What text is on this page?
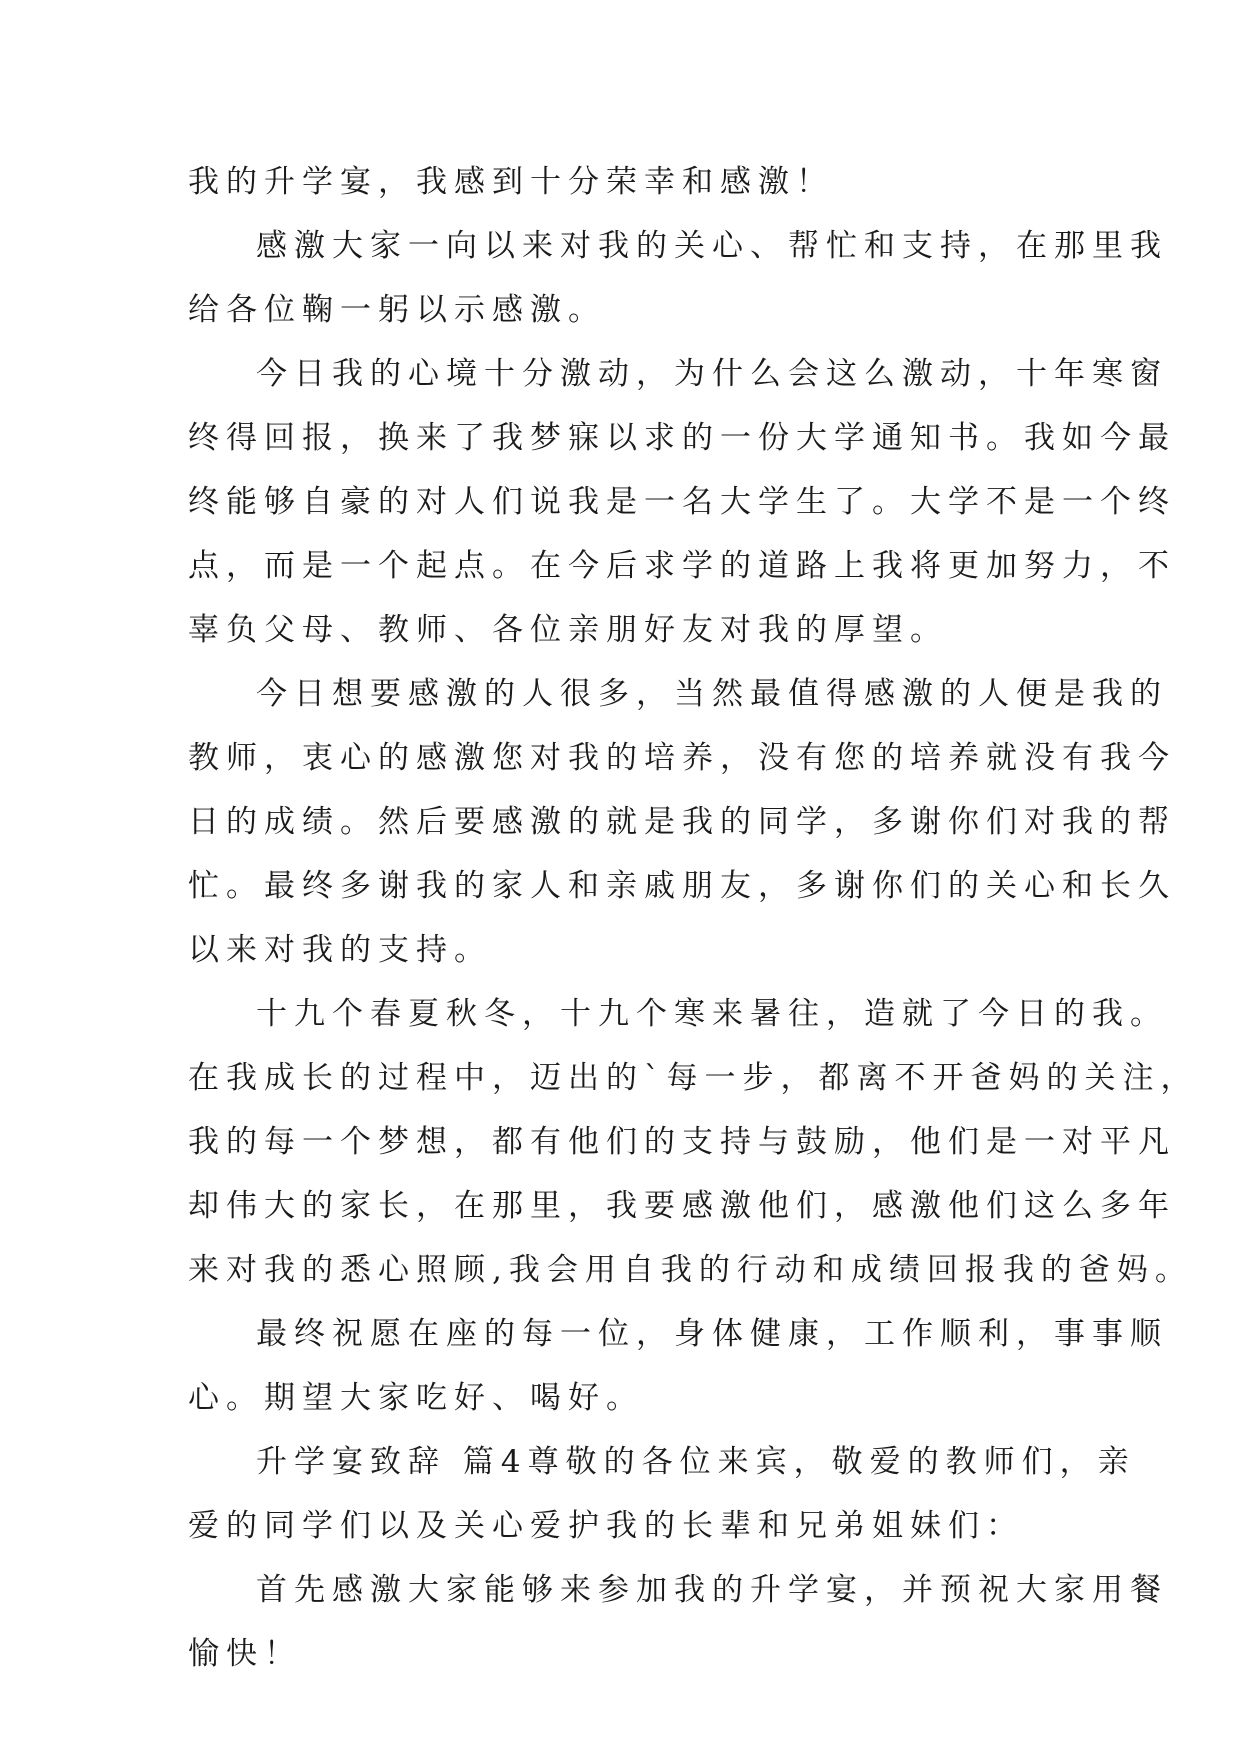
我的升学宴，我感到十分荣幸和感激！
感激大家一向以来对我的关心、帮忙和支持，在那里我
给各位鞠一躬以示感激。
今日我的心境十分激动，为什么会这么激动，十年寒窗
终得回报，换来了我梦寐以求的一份大学通知书。我如今最
终能够自豪的对人们说我是一名大学生了。大学不是一个终
点，而是一个起点。在今后求学的道路上我将更加努力，不
辜负父母、教师、各位亲朋好友对我的厚望。
今日想要感激的人很多，当然最值得感激的人便是我的
教师，衷心的感激您对我的培养，没有您的培养就没有我今
日的成绩。然后要感激的就是我的同学，多谢你们对我的帮
忙。最终多谢我的家人和亲戚朋友，多谢你们的关心和长久
以来对我的支持。
十九个春夏秋冬，十九个寒来暑往，造就了今日的我。
在我成长的过程中，迈出的`每一步，都离不开爸妈的关注，
我的每一个梦想，都有他们的支持与鼓励，他们是一对平凡
却伟大的家长，在那里，我要感激他们，感激他们这么多年
来对我的悉心照顾,我会用自我的行动和成绩回报我的爸妈。
最终祝愿在座的每一位，身体健康，工作顺利，事事顺
心。期望大家吃好、喝好。
升学宴致辞 篇4尊敬的各位来宾，敬爱的教师们，亲
爱的同学们以及关心爱护我的长辈和兄弟姐妹们：
首先感激大家能够来参加我的升学宴，并预祝大家用餐
愉快！
